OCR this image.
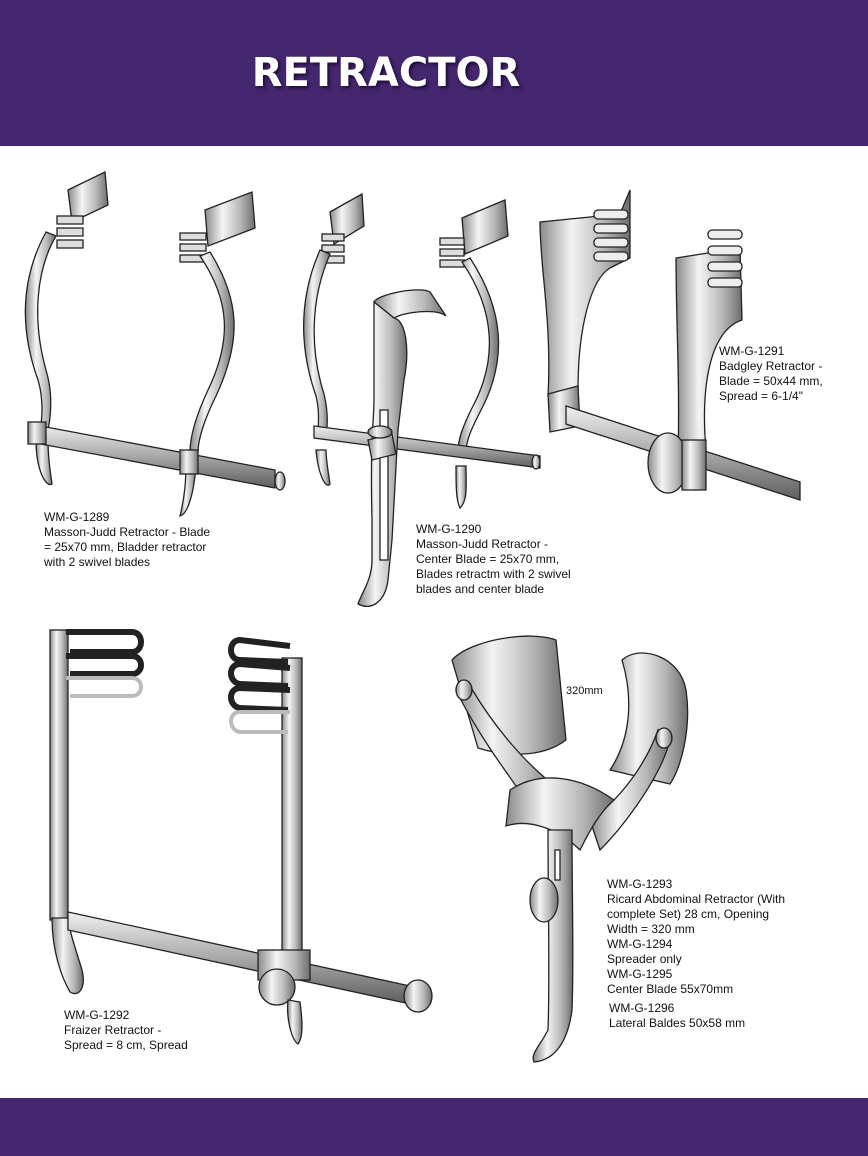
RETRACTOR
320mm
WM-G-1289
Masson-Judd Retractor - Blade
= 25x70 mm, Bladder retractor
with 2 swivel blades
WM-G-1290
Masson-Judd Retractor -
Center Blade = 25x70 mm,
Blades retractm with 2 swivel
blades and center blade
WM-G-1291
Badgley Retractor -
Blade = 50x44 mm,
Spread = 6-1/4"
WM-G-1292
Fraizer Retractor -
Spread = 8 cm, Spread
WM-G-1293
Ricard Abdominal Retractor (With
complete Set) 28 cm, Opening
Width = 320 mm
WM-G-1294
Spreader only
WM-G-1295
Center Blade 55x70mm
WM-G-1296
Lateral Baldes 50x58 mm
